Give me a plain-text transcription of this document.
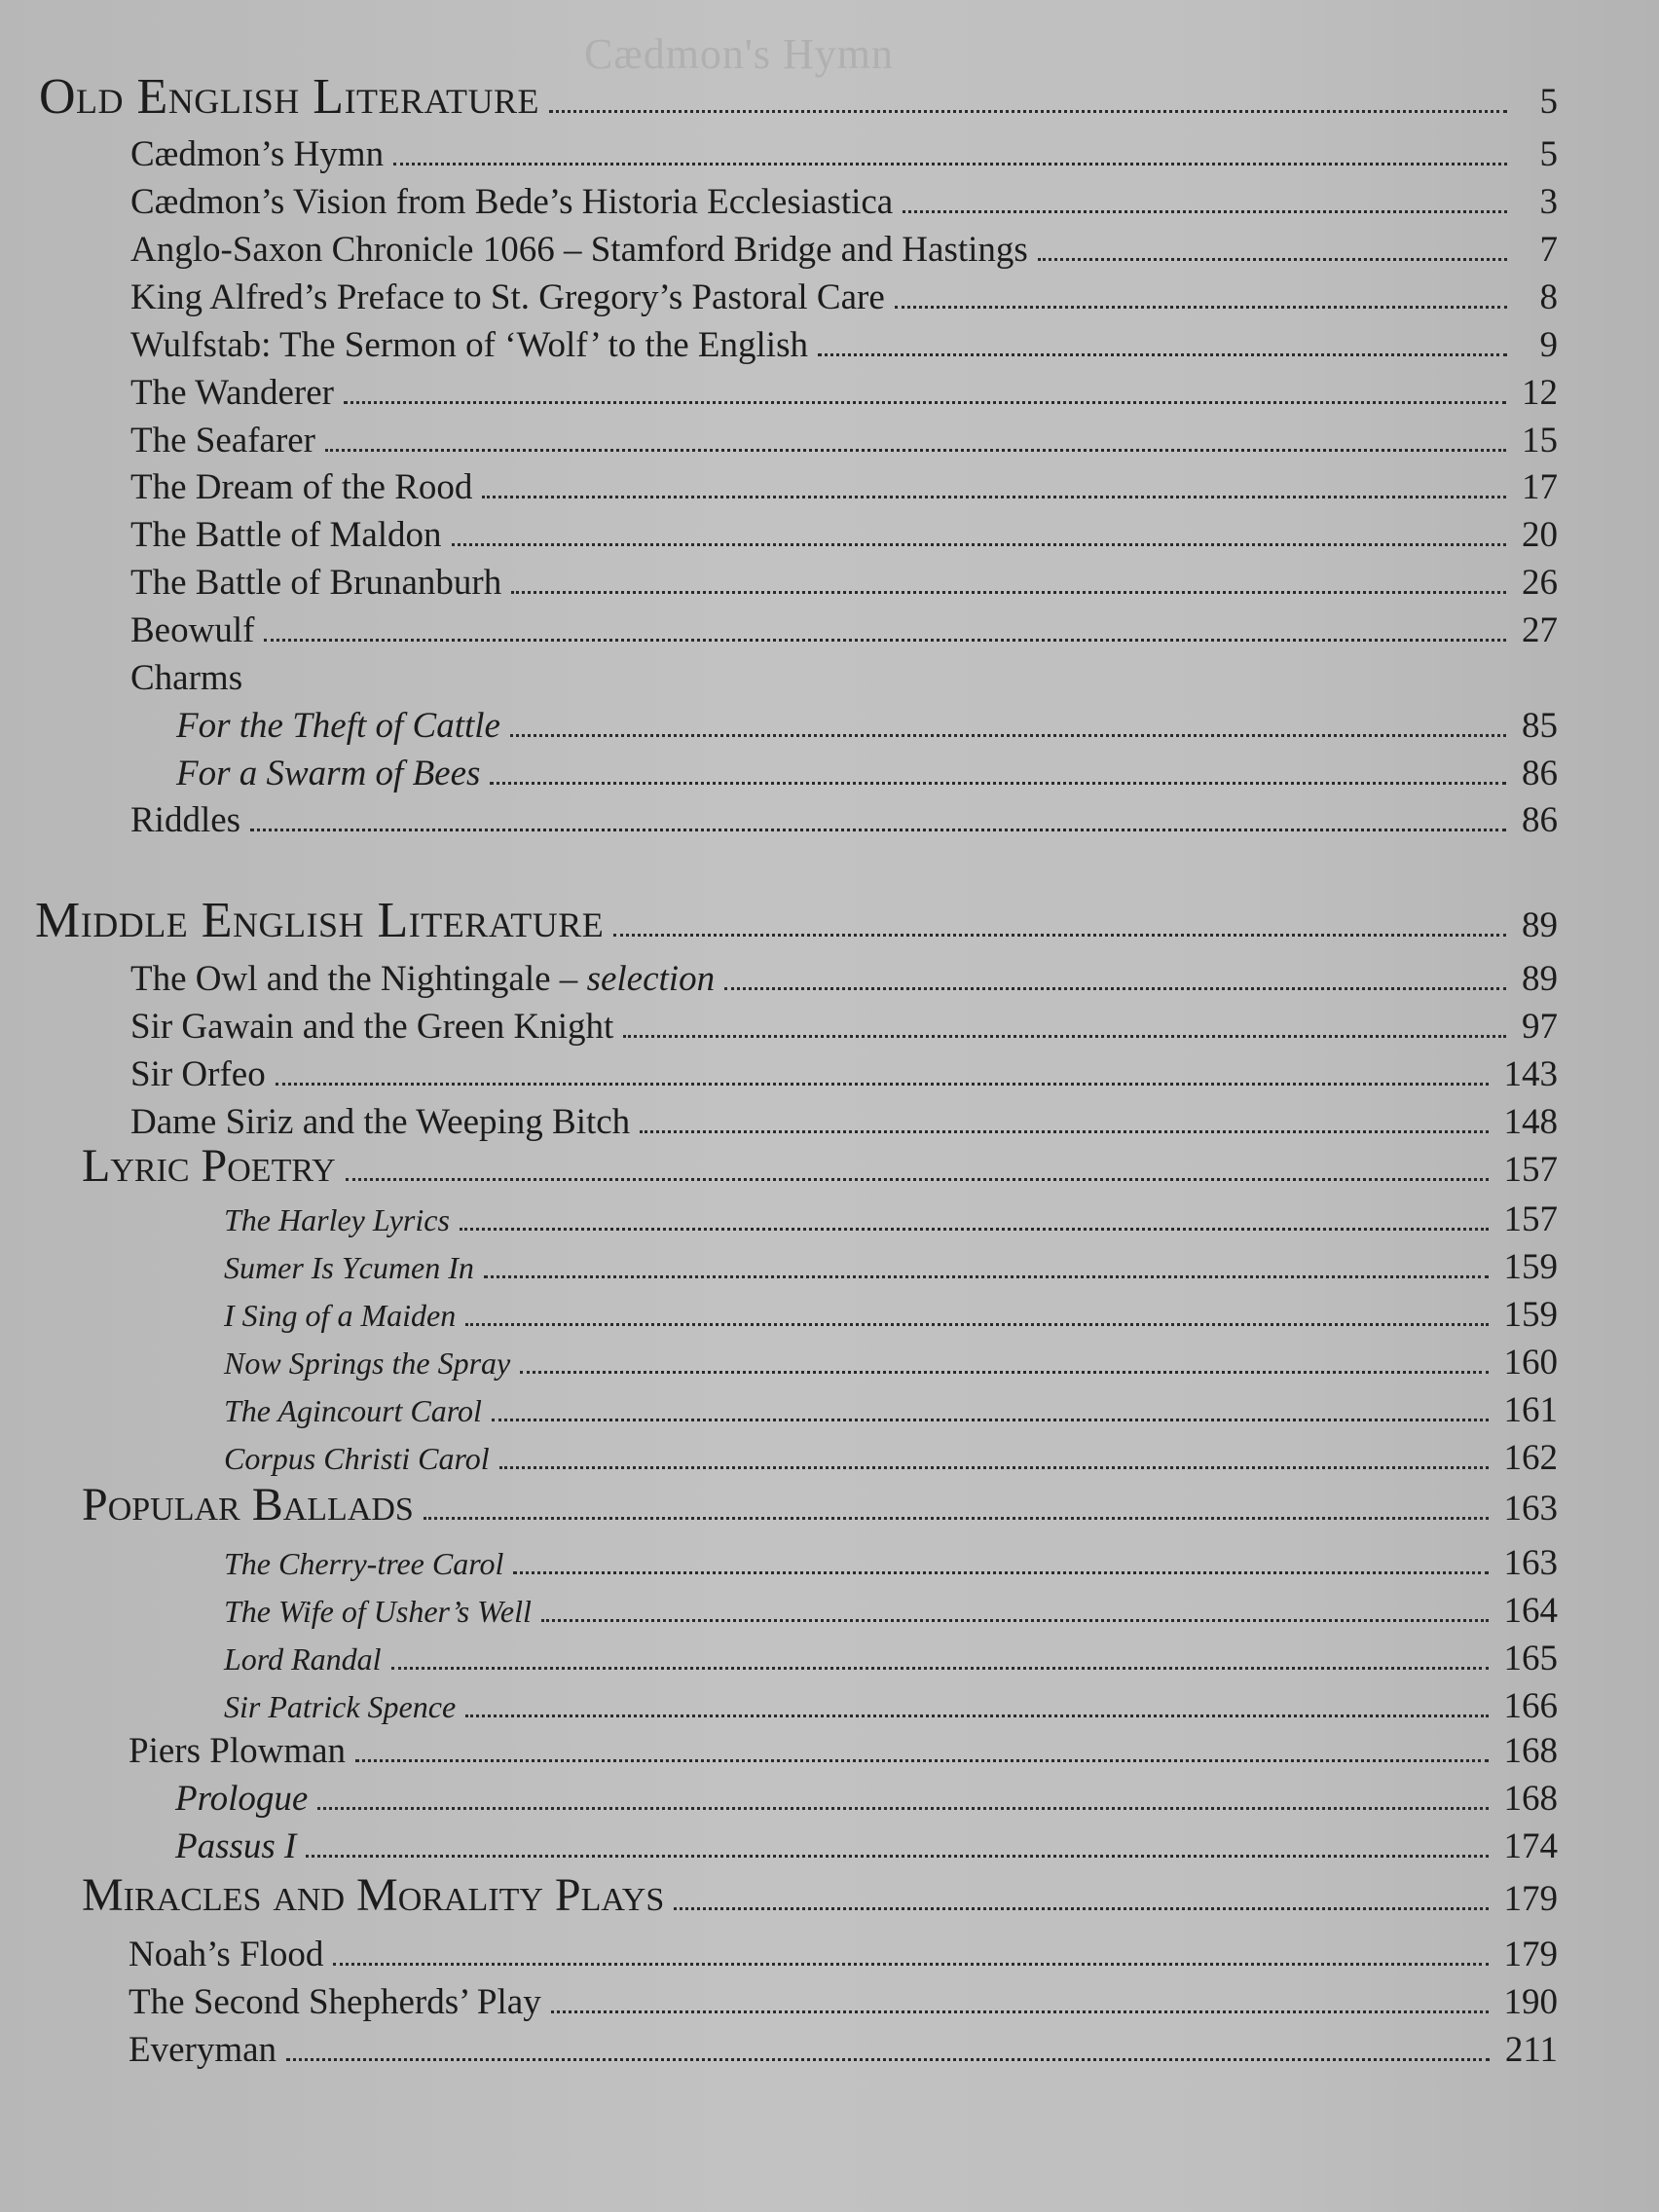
Cædmon's Hymn
Old English Literature	5
Cædmon’s Hymn	5
Cædmon’s Vision from Bede’s Historia Ecclesiastica	3
Anglo-Saxon Chronicle 1066 – Stamford Bridge and Hastings	7
King Alfred’s Preface to St. Gregory’s Pastoral Care	8
Wulfstab: The Sermon of ‘Wolf’ to the English	9
The Wanderer	12
The Seafarer	15
The Dream of the Rood	17
The Battle of Maldon	20
The Battle of Brunanburh	26
Beowulf	27
Charms
For the Theft of Cattle	85
For a Swarm of Bees	86
Riddles	86
Middle English Literature	89
The Owl and the Nightingale – selection	89
Sir Gawain and the Green Knight	97
Sir Orfeo	143
Dame Siriz and the Weeping Bitch	148
Lyric Poetry	157
The Harley Lyrics	157
Sumer Is Ycumen In	159
I Sing of a Maiden	159
Now Springs the Spray	160
The Agincourt Carol	161
Corpus Christi Carol	162
Popular Ballads	163
The Cherry-tree Carol	163
The Wife of Usher’s Well	164
Lord Randal	165
Sir Patrick Spence	166
Piers Plowman	168
Prologue	168
Passus I	174
Miracles and Morality Plays	179
Noah’s Flood	179
The Second Shepherds’ Play	190
Everyman	211
